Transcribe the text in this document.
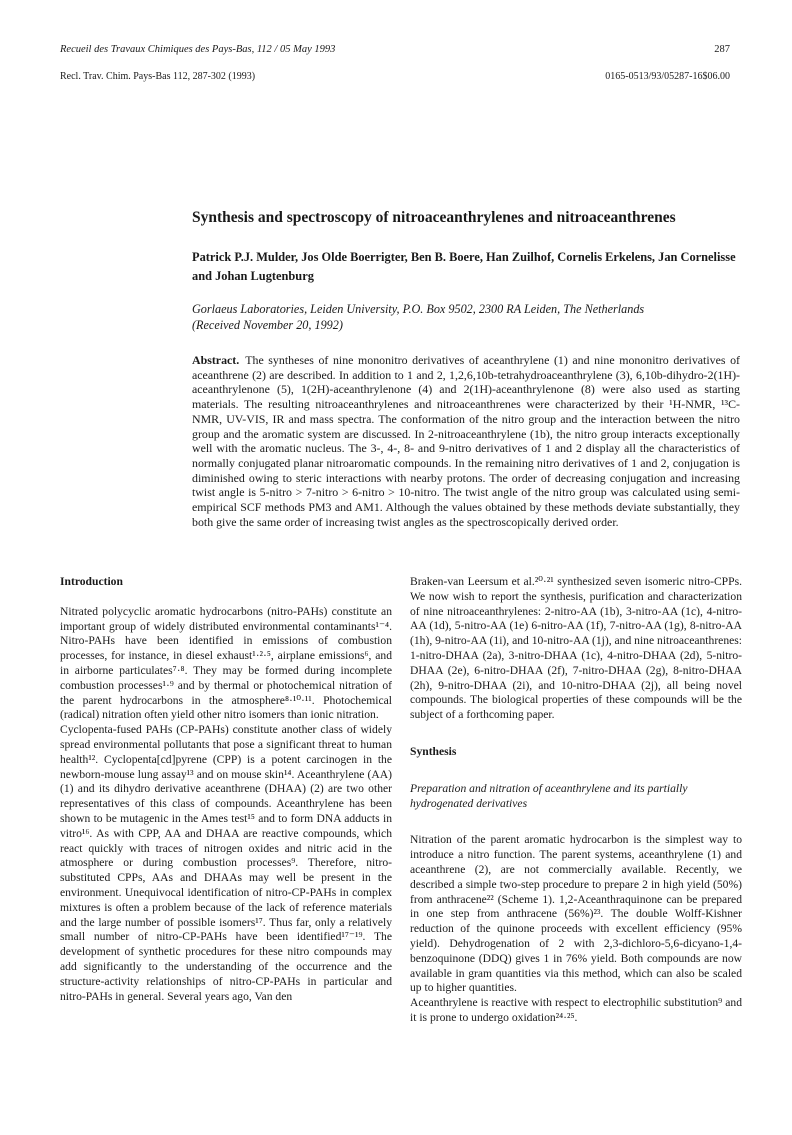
Recueil des Travaux Chimiques des Pays-Bas, 112 / 05 May 1993	287
Recl. Trav. Chim. Pays-Bas 112, 287-302 (1993)	0165-0513/93/05287-16$06.00
Synthesis and spectroscopy of nitroaceanthrylenes and nitroaceanthrenes
Patrick P.J. Mulder, Jos Olde Boerrigter, Ben B. Boere, Han Zuilhof, Cornelis Erkelens, Jan Cornelisse and Johan Lugtenburg
Gorlaeus Laboratories, Leiden University, P.O. Box 9502, 2300 RA Leiden, The Netherlands
(Received November 20, 1992)
Abstract. The syntheses of nine mononitro derivatives of aceanthrylene (1) and nine mononitro derivatives of aceanthrene (2) are described. In addition to 1 and 2, 1,2,6,10b-tetrahydroaceanthrylene (3), 6,10b-dihydro-2(1H)-aceanthrylenone (5), 1(2H)-aceanthrylenone (4) and 2(1H)-aceanthrylenone (8) were also used as starting materials. The resulting nitroaceanthrylenes and nitroaceanthrenes were characterized by their ¹H-NMR, ¹³C-NMR, UV-VIS, IR and mass spectra. The conformation of the nitro group and the interaction between the nitro group and the aromatic system are discussed. In 2-nitroaceanthrylene (1b), the nitro group interacts exceptionally well with the aromatic nucleus. The 3-, 4-, 8- and 9-nitro derivatives of 1 and 2 display all the characteristics of normally conjugated planar nitroaromatic compounds. In the remaining nitro derivatives of 1 and 2, conjugation is diminished owing to steric interactions with nearby protons. The order of decreasing conjugation and increasing twist angle is 5-nitro > 7-nitro > 6-nitro > 10-nitro. The twist angle of the nitro group was calculated using semi-empirical SCF methods PM3 and AM1. Although the values obtained by these methods deviate substantially, they both give the same order of increasing twist angles as the spectroscopically derived order.
Introduction

Nitrated polycyclic aromatic hydrocarbons (nitro-PAHs) constitute an important group of widely distributed environmental contaminants¹⁻⁴. Nitro-PAHs have been identified in emissions of combustion processes, for instance, in diesel exhaust¹·²·⁵, airplane emissions⁶, and in airborne particulates⁷·⁸. They may be formed during incomplete combustion processes¹·⁹ and by thermal or photochemical nitration of the parent hydrocarbons in the atmosphere⁸·¹⁰·¹¹. Photochemical (radical) nitration often yield other nitro isomers than ionic nitration.

Cyclopenta-fused PAHs (CP-PAHs) constitute another class of widely spread environmental pollutants that pose a significant threat to human health¹². Cyclopenta[cd]pyrene (CPP) is a potent carcinogen in the newborn-mouse lung assay¹³ and on mouse skin¹⁴. Aceanthrylene (AA) (1) and its dihydro derivative aceanthrene (DHAA) (2) are two other representatives of this class of compounds. Aceanthrylene has been shown to be mutagenic in the Ames test¹⁵ and to form DNA adducts in vitro¹⁶. As with CPP, AA and DHAA are reactive compounds, which react quickly with traces of nitrogen oxides and nitric acid in the atmosphere or during combustion processes⁹. Therefore, nitro-substituted CPPs, AAs and DHAAs may well be present in the environment. Unequivocal identification of nitro-CP-PAHs in complex mixtures is often a problem because of the lack of reference materials and the large number of possible isomers¹⁷. Thus far, only a relatively small number of nitro-CP-PAHs have been identified¹⁷⁻¹⁹. The development of synthetic procedures for these nitro compounds may add significantly to the understanding of the occurrence and the structure-activity relationships of nitro-CP-PAHs in particular and nitro-PAHs in general. Several years ago, Van den

Braken-van Leersum et al.²⁰·²¹ synthesized seven isomeric nitro-CPPs. We now wish to report the synthesis, purification and characterization of nine nitroaceanthrylenes: 2-nitro-AA (1b), 3-nitro-AA (1c), 4-nitro-AA (1d), 5-nitro-AA (1e) 6-nitro-AA (1f), 7-nitro-AA (1g), 8-nitro-AA (1h), 9-nitro-AA (1i), and 10-nitro-AA (1j), and nine nitroaceanthrenes: 1-nitro-DHAA (2a), 3-nitro-DHAA (1c), 4-nitro-DHAA (2d), 5-nitro-DHAA (2e), 6-nitro-DHAA (2f), 7-nitro-DHAA (2g), 8-nitro-DHAA (2h), 9-nitro-DHAA (2i), and 10-nitro-DHAA (2j), all being novel compounds. The biological properties of these compounds will be the subject of a forthcoming paper.

Synthesis
Preparation and nitration of aceanthrylene and its partially hydrogenated derivatives

Nitration of the parent aromatic hydrocarbon is the simplest way to introduce a nitro function. The parent systems, aceanthrylene (1) and aceanthrene (2), are not commercially available. Recently, we described a simple two-step procedure to prepare 2 in high yield (50%) from anthracene²² (Scheme 1). 1,2-Aceanthraquinone can be prepared in one step from anthracene (56%)²³. The double Wolff-Kishner reduction of the quinone proceeds with excellent efficiency (95% yield). Dehydrogenation of 2 with 2,3-dichloro-5,6-dicyano-1,4-benzoquinone (DDQ) gives 1 in 76% yield. Both compounds are now available in gram quantities via this method, which can also be scaled up to higher quantities.

Aceanthrylene is reactive with respect to electrophilic substitution⁹ and it is prone to undergo oxidation²⁴·²⁵.
